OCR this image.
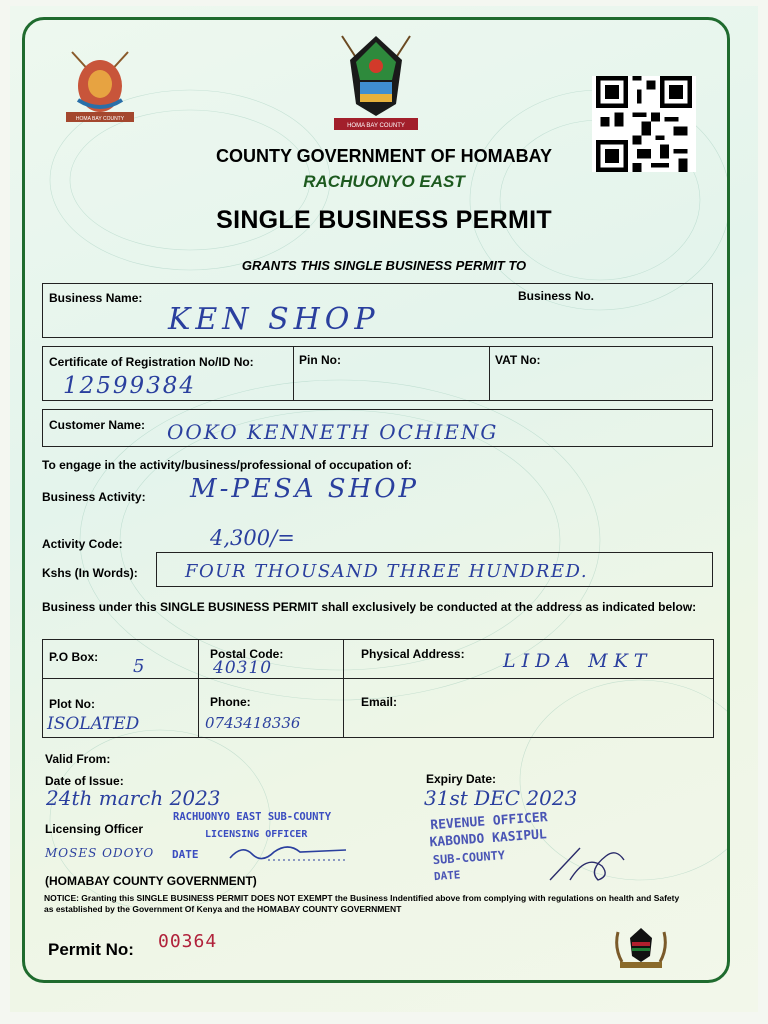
HOMA BAY COUNTY
HOMA BAY COUNTY
COUNTY GOVERNMENT OF HOMABAY
RACHUONYO EAST
SINGLE BUSINESS PERMIT
GRANTS THIS SINGLE BUSINESS PERMIT TO
Business Name:	Business No.
KEN SHOP
Certificate of Registration No/ID No:	Pin No:	VAT No:
12599384
Customer Name: OOKO KENNETH OCHIENG
To engage in the activity/business/professional of occupation of:
Business Activity: M-PESA SHOP
Activity Code:	4,300/=
Kshs (In Words):	FOUR THOUSAND THREE HUNDRED.
Business under this SINGLE BUSINESS PERMIT shall exclusively be conducted at the address as indicated below:
P.O Box: 5
Postal Code:
40310
Physical Address: LIDA MKT
Plot No:
ISOLATED
Phone:
0743418336
Email:
Valid From:
Date of Issue:
24th march 2023
Expiry Date:
31st DEC 2023
Licensing Officer
RACHUONYO EAST SUB-COUNTY
LICENSING OFFICER
MOSES ODOYO DATE
REVENUE OFFICER
KABONDO KASIPUL
SUB-COUNTY
DATE
(HOMABAY COUNTY GOVERNMENT)
NOTICE: Granting this SINGLE BUSINESS PERMIT DOES NOT EXEMPT the Business Indentified above from complying with regulations on health and Safety as established by the Government Of Kenya and the HOMABAY COUNTY GOVERNMENT
Permit No: 00364
